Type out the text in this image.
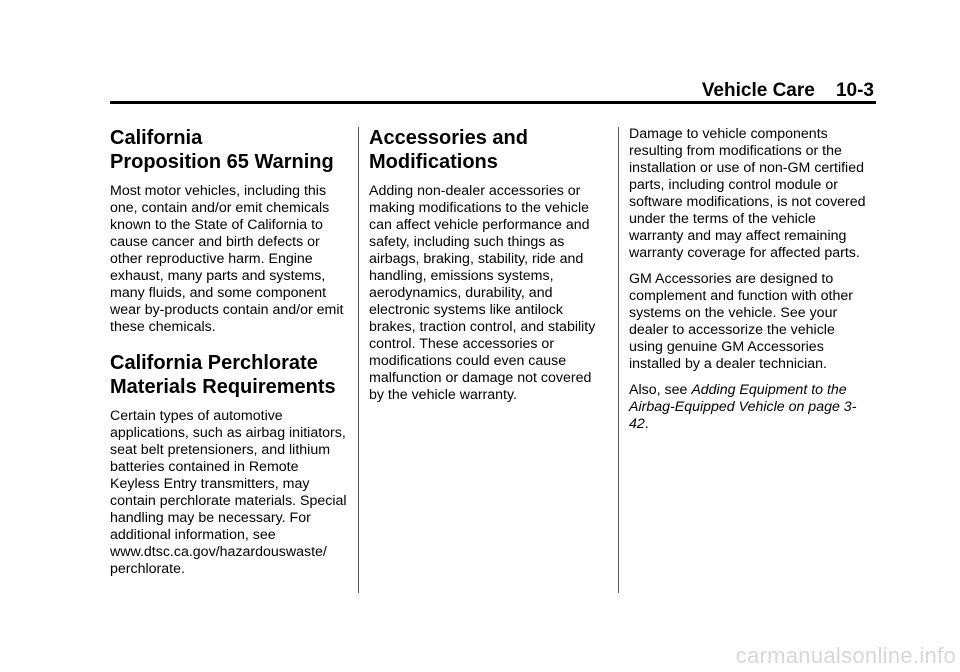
Vehicle Care 10-3
California
Proposition 65 Warning

Most motor vehicles, including this one, contain and/or emit chemicals known to the State of California to cause cancer and birth defects or other reproductive harm. Engine exhaust, many parts and systems, many fluids, and some component wear by-products contain and/or emit these chemicals.

California Perchlorate
Materials Requirements

Certain types of automotive applications, such as airbag initiators, seat belt pretensioners, and lithium batteries contained in Remote Keyless Entry transmitters, may contain perchlorate materials. Special handling may be necessary. For additional information, see www.dtsc.ca.gov/hazardouswaste/ perchlorate.

Accessories and
Modifications

Adding non-dealer accessories or making modifications to the vehicle can affect vehicle performance and safety, including such things as airbags, braking, stability, ride and handling, emissions systems, aerodynamics, durability, and electronic systems like antilock brakes, traction control, and stability control. These accessories or modifications could even cause malfunction or damage not covered by the vehicle warranty.

Damage to vehicle components resulting from modifications or the installation or use of non-GM certified parts, including control module or software modifications, is not covered under the terms of the vehicle warranty and may affect remaining warranty coverage for affected parts.

GM Accessories are designed to complement and function with other systems on the vehicle. See your dealer to accessorize the vehicle using genuine GM Accessories installed by a dealer technician.

Also, see Adding Equipment to the Airbag-Equipped Vehicle on page 3-42.

carmanualsonline.info
